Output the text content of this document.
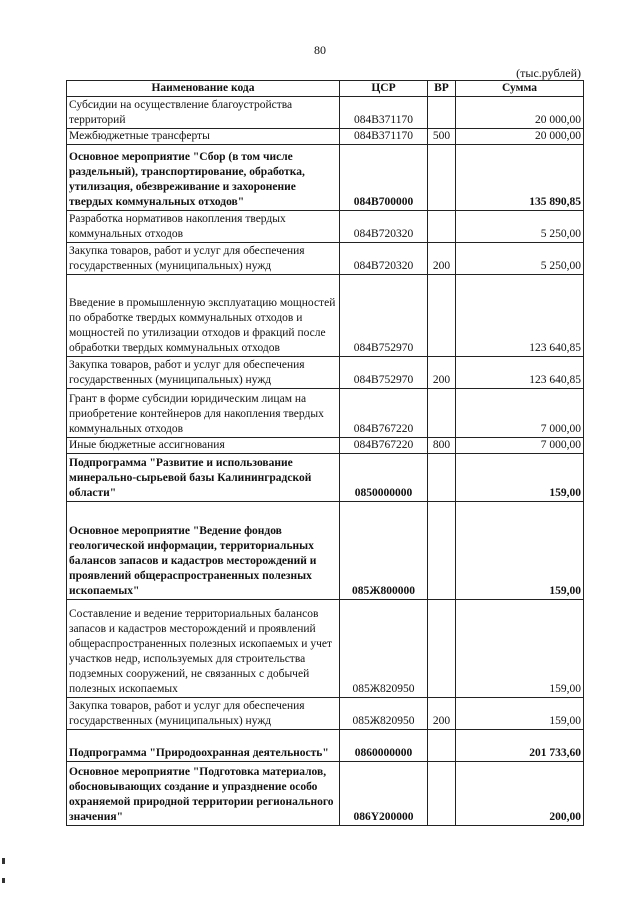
80
(тыс.рублей)
Наименование кода	ЦСР	ВР	Сумма
Субсидии на осуществление благоустройства территорий	084В371170		20 000,00
Межбюджетные трансферты	084В371170	500	20 000,00
Основное мероприятие "Сбор (в том числе раздельный), транспортирование, обработка, утилизация, обезвреживание и захоронение твердых коммунальных отходов"	084В700000		135 890,85
Разработка нормативов накопления твердых коммунальных отходов	084В720320		5 250,00
Закупка товаров, работ и услуг для обеспечения государственных (муниципальных) нужд	084В720320	200	5 250,00
Введение в промышленную эксплуатацию мощностей по обработке твердых коммунальных отходов и мощностей по утилизации отходов и фракций после обработки твердых коммунальных отходов	084В752970		123 640,85
Закупка товаров, работ и услуг для обеспечения государственных (муниципальных) нужд	084В752970	200	123 640,85
Грант в форме субсидии юридическим лицам на приобретение контейнеров для накопления твердых коммунальных отходов	084В767220		7 000,00
Иные бюджетные ассигнования	084В767220	800	7 000,00
Подпрограмма "Развитие и использование минерально-сырьевой базы Калининградской области"	0850000000		159,00
Основное мероприятие "Ведение фондов геологической информации, территориальных балансов запасов и кадастров месторождений и проявлений общераспространенных полезных ископаемых"	085Ж800000		159,00
Составление и ведение территориальных балансов запасов и кадастров месторождений и проявлений общераспространенных полезных ископаемых и учет участков недр, используемых для строительства подземных сооружений, не связанных с добычей полезных ископаемых	085Ж820950		159,00
Закупка товаров, работ и услуг для обеспечения государственных (муниципальных) нужд	085Ж820950	200	159,00
Подпрограмма "Природоохранная деятельность"	0860000000		201 733,60
Основное мероприятие "Подготовка материалов, обосновывающих создание и упразднение особо охраняемой природной территории регионального значения"	086Y200000		200,00
